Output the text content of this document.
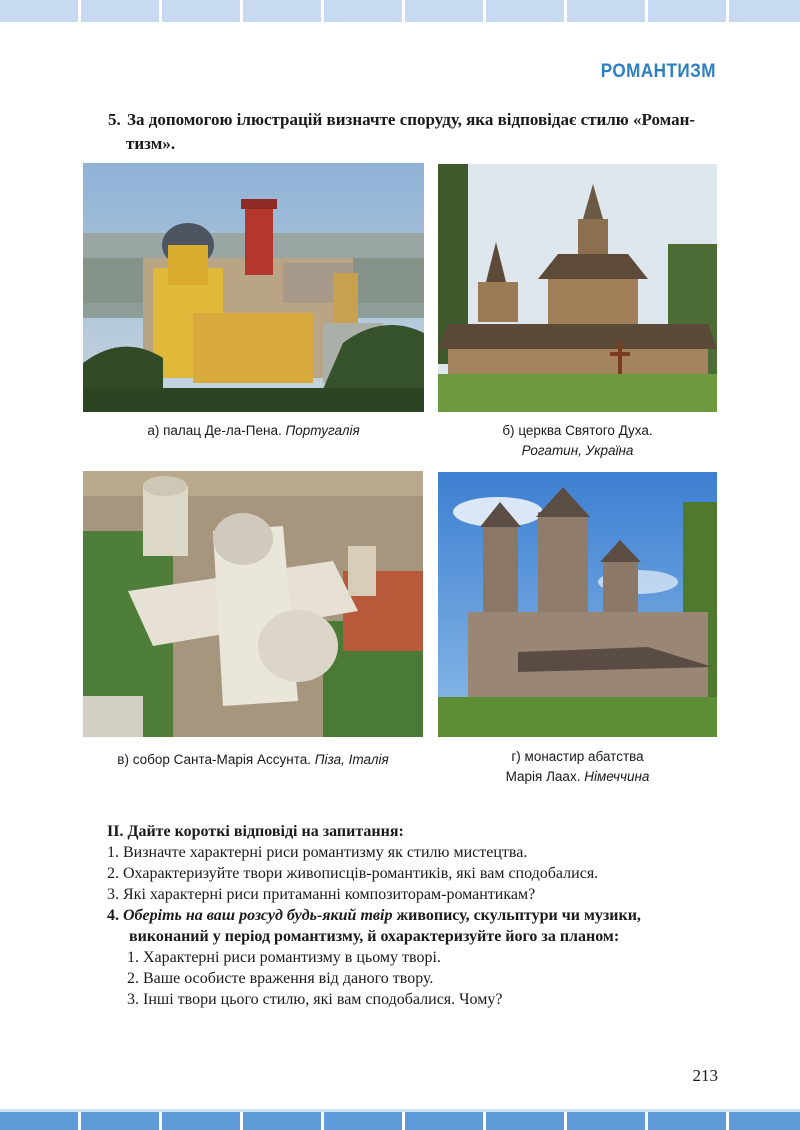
РОМАНТИЗМ
5. За допомогою ілюстрацій визначте споруду, яка відповідає стилю «Роман-
тизм».
а) палац Де-ла-Пена. Португалія	б) церква Святого Духа.
Рогатин, Україна
в) собор Санта-Марія Ассунта. Піза, Італія	г) монастир абатства
Марія Лаах. Німеччина
II. Дайте короткі відповіді на запитання:
1. Визначте характерні риси романтизму як стилю мистецтва.
2. Охарактеризуйте твори живописців-романтиків, які вам сподобалися.
3. Які характерні риси притаманні композиторам-романтикам?
4. Оберіть на ваш розсуд будь-який твір живопису, скульптури чи музики,
виконаний у період романтизму, й охарактеризуйте його за планом:
1. Характерні риси романтизму в цьому творі.
2. Ваше особисте враження від даного твору.
3. Інші твори цього стилю, які вам сподобалися. Чому?
213
